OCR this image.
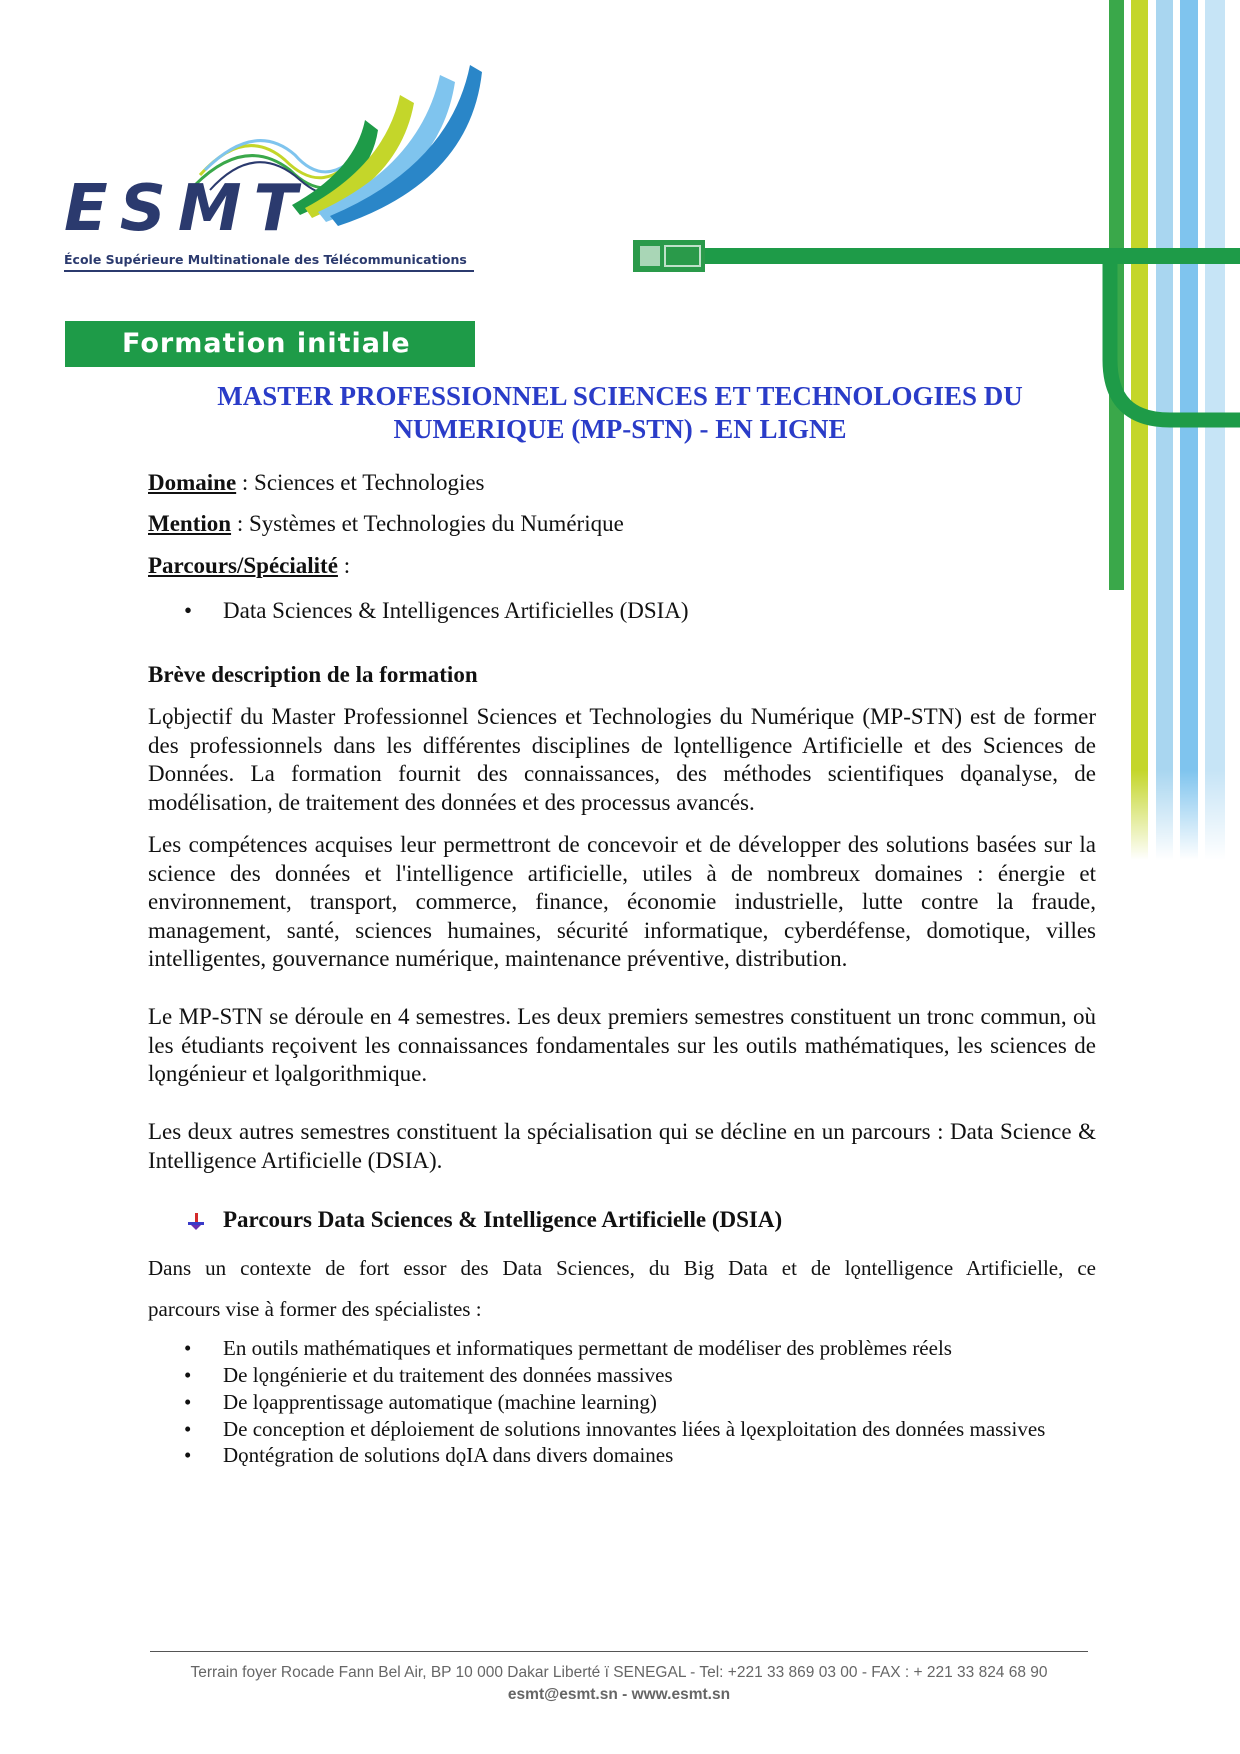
ESMT
École Supérieure Multinationale des Télécommunications
Formation initiale
MASTER PROFESSIONNEL SCIENCES ET TECHNOLOGIES DU
NUMERIQUE (MP-STN) - EN LIGNE
Domaine : Sciences et Technologies
Mention : Systèmes et Technologies du Numérique
Parcours/Spécialité :
• Data Sciences & Intelligences Artificielles (DSIA)
Brève description de la formation
Lǫbjectif du Master Professionnel Sciences et Technologies du Numérique (MP-STN) est de former des professionnels dans les différentes disciplines de lǫntelligence Artificielle et des Sciences de Données. La formation fournit des connaissances, des méthodes scientifiques dǫanalyse, de modélisation, de traitement des données et des processus avancés.
Les compétences acquises leur permettront de concevoir et de développer des solutions basées sur la science des données et l'intelligence artificielle, utiles à de nombreux domaines : énergie et environnement, transport, commerce, finance, économie industrielle, lutte contre la fraude, management, santé, sciences humaines, sécurité informatique, cyberdéfense, domotique, villes intelligentes, gouvernance numérique, maintenance préventive, distribution.
Le MP-STN se déroule en 4 semestres. Les deux premiers semestres constituent un tronc commun, où les étudiants reçoivent les connaissances fondamentales sur les outils mathématiques, les sciences de lǫngénieur et lǫalgorithmique.
Les deux autres semestres constituent la spécialisation qui se décline en un parcours : Data Science & Intelligence Artificielle (DSIA).
Parcours Data Sciences & Intelligence Artificielle (DSIA)
Dans un contexte de fort essor des Data Sciences, du Big Data et de lǫntelligence Artificielle, ce
parcours vise à former des spécialistes :
• En outils mathématiques et informatiques permettant de modéliser des problèmes réels
• De lǫngénierie et du traitement des données massives
• De lǫapprentissage automatique (machine learning)
• De conception et déploiement de solutions innovantes liées à lǫexploitation des données massives
• Dǫntégration de solutions dǫIA dans divers domaines
Terrain foyer Rocade Fann Bel Air, BP 10 000 Dakar Liberté ï SENEGAL - Tel: +221 33 869 03 00 - FAX : + 221 33 824 68 90
esmt@esmt.sn - www.esmt.sn
